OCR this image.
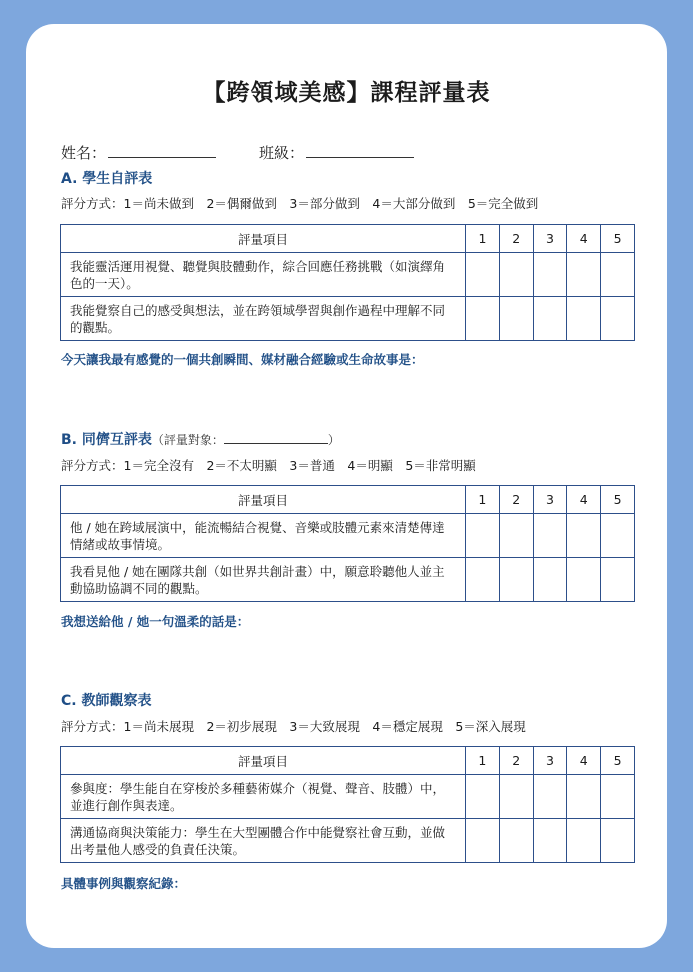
【跨領域美感】課程評量表
姓名：	班級：
A. 學生自評表
評分方式：1＝尚未做到　2＝偶爾做到　3＝部分做到　4＝大部分做到　5＝完全做到
評量項目	1	2	3	4	5
我能靈活運用視覺、聽覺與肢體動作，綜合回應任務挑戰（如演繹角色的一天）。					
我能覺察自己的感受與想法，並在跨領域學習與創作過程中理解不同的觀點。					
今天讓我最有感覺的一個共創瞬間、媒材融合經驗或生命故事是：
B. 同儕互評表（評量對象：	）
評分方式：1＝完全沒有　2＝不太明顯　3＝普通　4＝明顯　5＝非常明顯
評量項目	1	2	3	4	5
他 / 她在跨域展演中，能流暢結合視覺、音樂或肢體元素來清楚傳達情緒或故事情境。					
我看見他 / 她在團隊共創（如世界共創計畫）中，願意聆聽他人並主動協助協調不同的觀點。					
我想送給他 / 她一句溫柔的話是：
C. 教師觀察表
評分方式：1＝尚未展現　2＝初步展現　3＝大致展現　4＝穩定展現　5＝深入展現
評量項目	1	2	3	4	5
參與度：學生能自在穿梭於多種藝術媒介（視覺、聲音、肢體）中，並進行創作與表達。					
溝通協商與決策能力：學生在大型團體合作中能覺察社會互動，並做出考量他人感受的負責任決策。					
具體事例與觀察紀錄：
